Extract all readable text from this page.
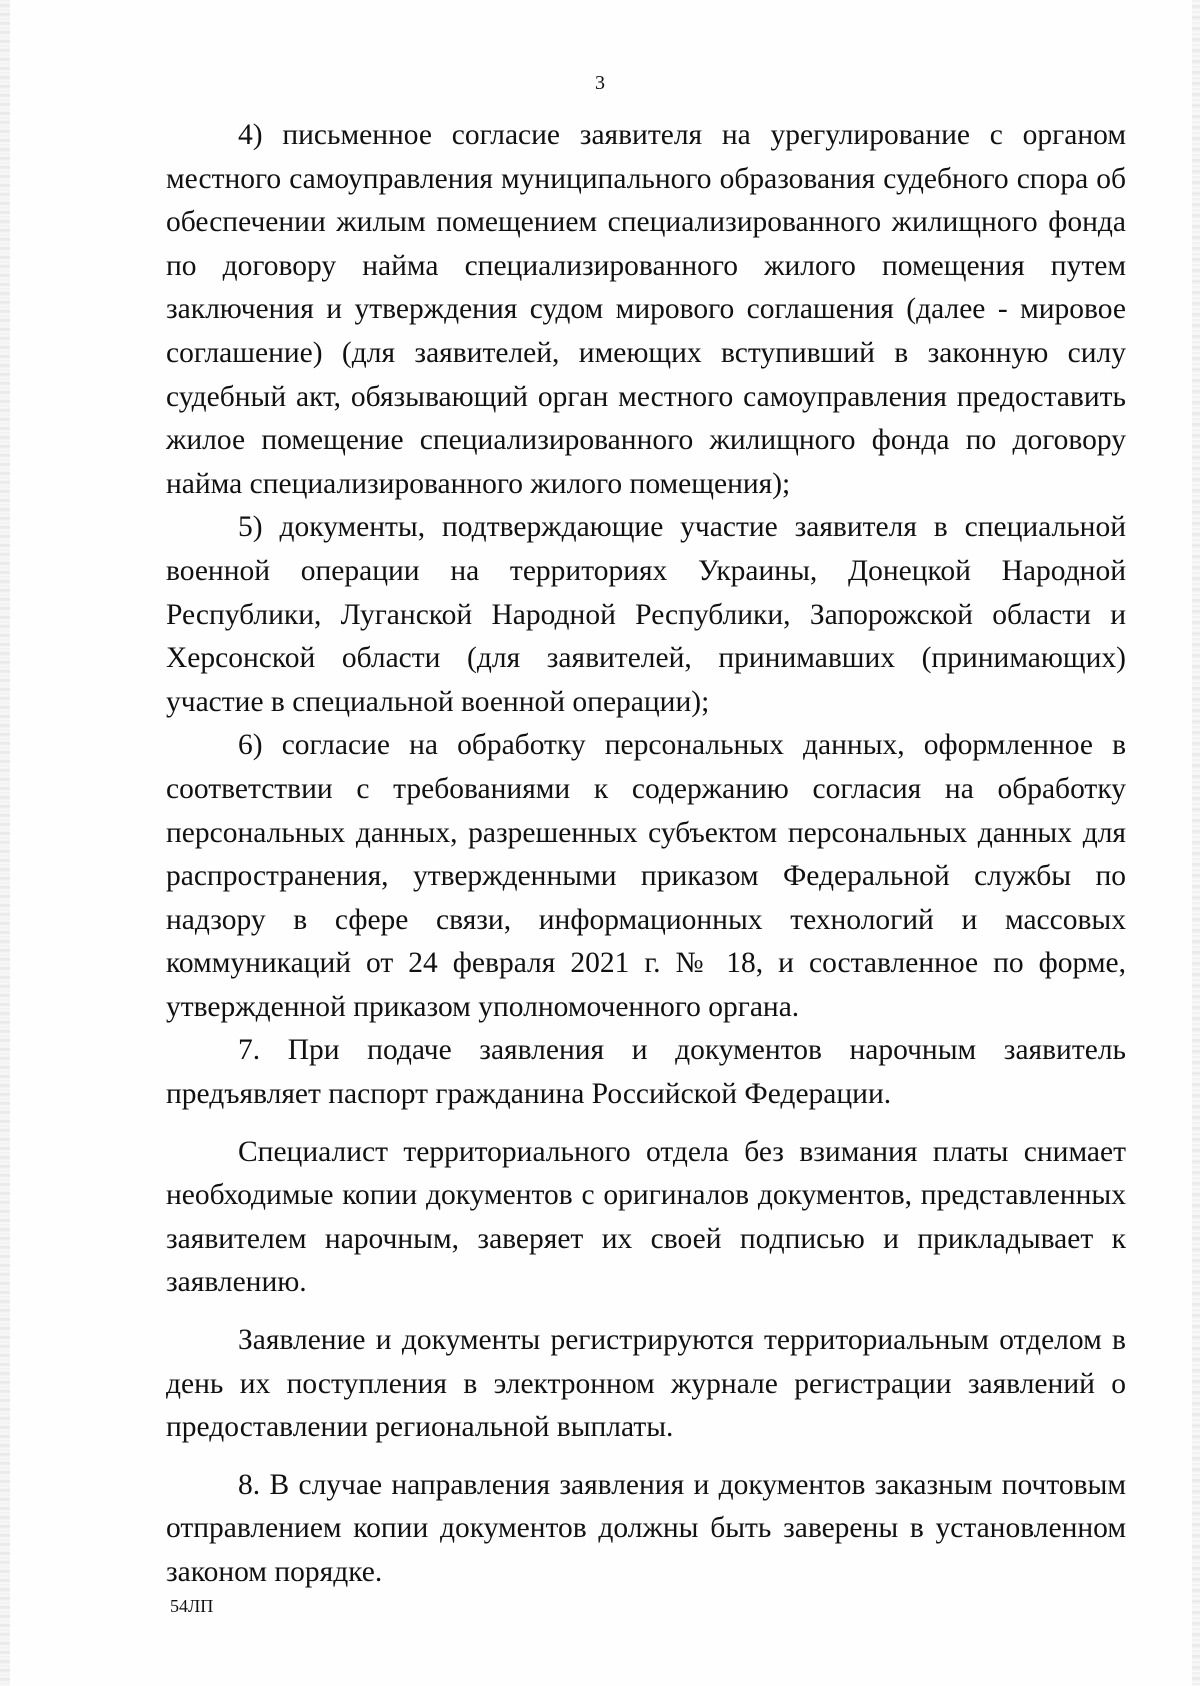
3

4) письменное согласие заявителя на урегулирование с органом местного самоуправления муниципального образования судебного спора об обеспечении жилым помещением специализированного жилищного фонда по договору найма специализированного жилого помещения путем заключения и утверждения судом мирового соглашения (далее - мировое соглашение) (для заявителей, имеющих вступивший в законную силу судебный акт, обязывающий орган местного самоуправления предоставить жилое помещение специализированного жилищного фонда по договору найма специализированного жилого помещения);

5) документы, подтверждающие участие заявителя в специальной военной операции на территориях Украины, Донецкой Народной Республики, Луганской Народной Республики, Запорожской области и Херсонской области (для заявителей, принимавших (принимающих) участие в специальной военной операции);

6) согласие на обработку персональных данных, оформленное в соответствии с требованиями к содержанию согласия на обработку персональных данных, разрешенных субъектом персональных данных для распространения, утвержденными приказом Федеральной службы по надзору в сфере связи, информационных технологий и массовых коммуникаций от 24 февраля 2021 г. № 18, и составленное по форме, утвержденной приказом уполномоченного органа.

7. При подаче заявления и документов нарочным заявитель предъявляет паспорт гражданина Российской Федерации.

Специалист территориального отдела без взимания платы снимает необходимые копии документов с оригиналов документов, представленных заявителем нарочным, заверяет их своей подписью и прикладывает к заявлению.

Заявление и документы регистрируются территориальным отделом в день их поступления в электронном журнале регистрации заявлений о предоставлении региональной выплаты.

8. В случае направления заявления и документов заказным почтовым отправлением копии документов должны быть заверены в установленном законом порядке.

54ЛП
